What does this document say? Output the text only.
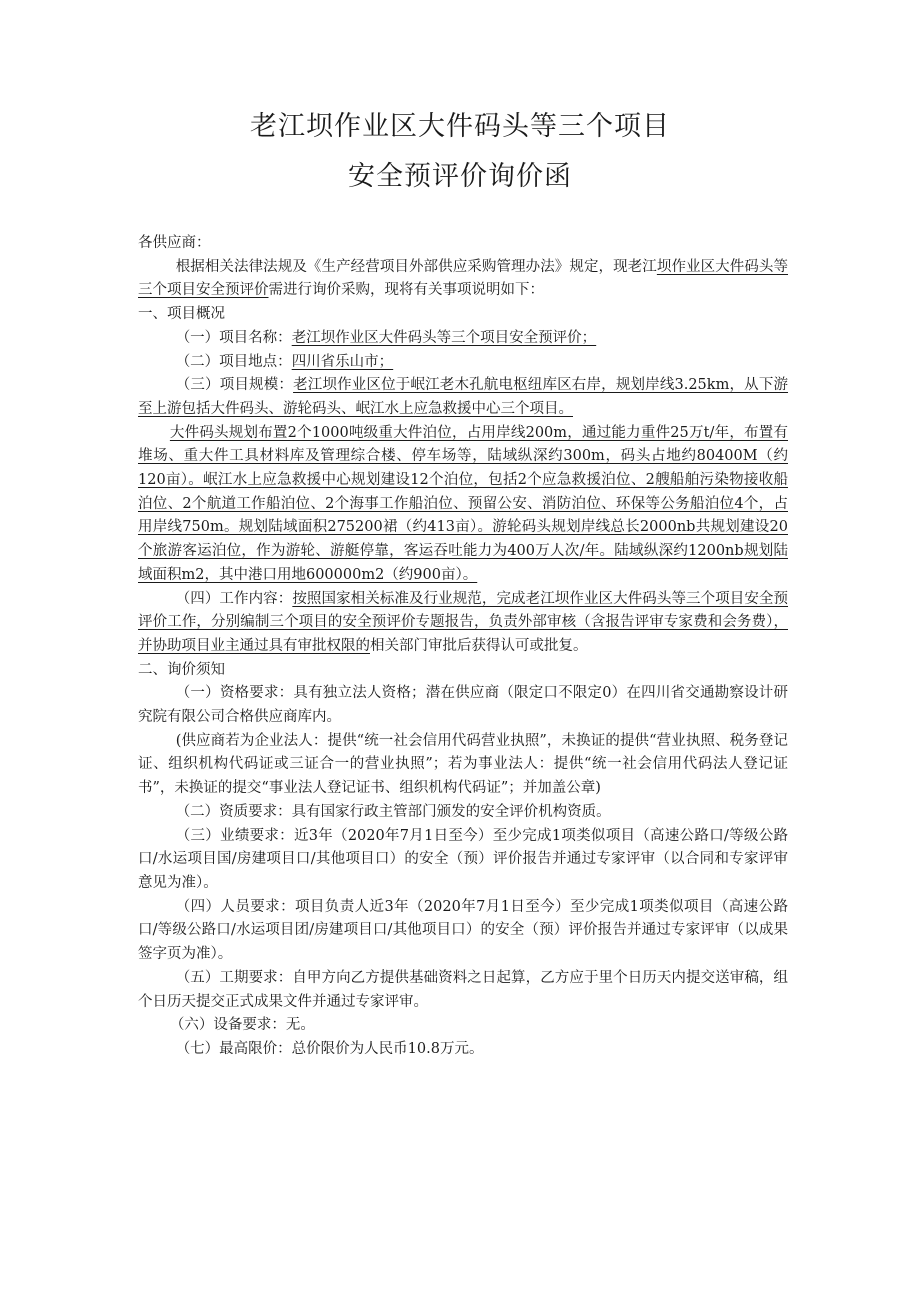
老江坝作业区大件码头等三个项目
安全预评价询价函

各供应商：

根据相关法律法规及《生产经营项目外部供应采购管理办法》规定，现老江坝作业区大件码头等三个项目安全预评价需进行询价采购，现将有关事项说明如下：

一、项目概况

（一）项目名称：老江坝作业区大件码头等三个项目安全预评价；

（二）项目地点：四川省乐山市；

（三）项目规模：老江坝作业区位于岷江老木孔航电枢纽库区右岸，规划岸线3.25km，从下游至上游包括大件码头、游轮码头、岷江水上应急救援中心三个项目。

大件码头规划布置2个1000吨级重大件泊位，占用岸线200m，通过能力重件25万t/年，布置有堆场、重大件工具材料库及管理综合楼、停车场等，陆域纵深约300m，码头占地约80400M（约120亩）。岷江水上应急救援中心规划建设12个泊位，包括2个应急救援泊位、2艘船舶污染物接收船泊位、2个航道工作船泊位、2个海事工作船泊位、预留公安、消防泊位、环保等公务船泊位4个，占用岸线750m。规划陆域面积275200裙（约413亩）。游轮码头规划岸线总长2000nb共规划建设20个旅游客运泊位，作为游轮、游艇停靠，客运吞吐能力为400万人次/年。陆域纵深约1200nb规划陆域面积m2，其中港口用地600000m2（约900亩）。

（四）工作内容：按照国家相关标准及行业规范，完成老江坝作业区大件码头等三个项目安全预评价工作，分别编制三个项目的安全预评价专题报告，负责外部审核（含报告评审专家费和会务费），并协助项目业主通过具有审批权限的相关部门审批后获得认可或批复。

二、询价须知

（一）资格要求：具有独立法人资格；潜在供应商（限定口不限定0）在四川省交通勘察设计研究院有限公司合格供应商库内。

(供应商若为企业法人：提供“统一社会信用代码营业执照”，未换证的提供“营业执照、税务登记证、组织机构代码证或三证合一的营业执照”；若为事业法人：提供“统一社会信用代码法人登记证书”，未换证的提交“事业法人登记证书、组织机构代码证”；并加盖公章)

（二）资质要求：具有国家行政主管部门颁发的安全评价机构资质。

（三）业绩要求：近3年（2020年7月1日至今）至少完成1项类似项目（高速公路口/等级公路口/水运项目国/房建项目口/其他项目口）的安全（预）评价报告并通过专家评审（以合同和专家评审意见为准）。

（四）人员要求：项目负责人近3年（2020年7月1日至今）至少完成1项类似项目（高速公路口/等级公路口/水运项目团/房建项目口/其他项目口）的安全（预）评价报告并通过专家评审（以成果签字页为准）。

（五）工期要求：自甲方向乙方提供基础资料之日起算，乙方应于里个日历天内提交送审稿，组个日历天提交正式成果文件并通过专家评审。

（六）设备要求：无。

（七）最高限价：总价限价为人民币10.8万元。
